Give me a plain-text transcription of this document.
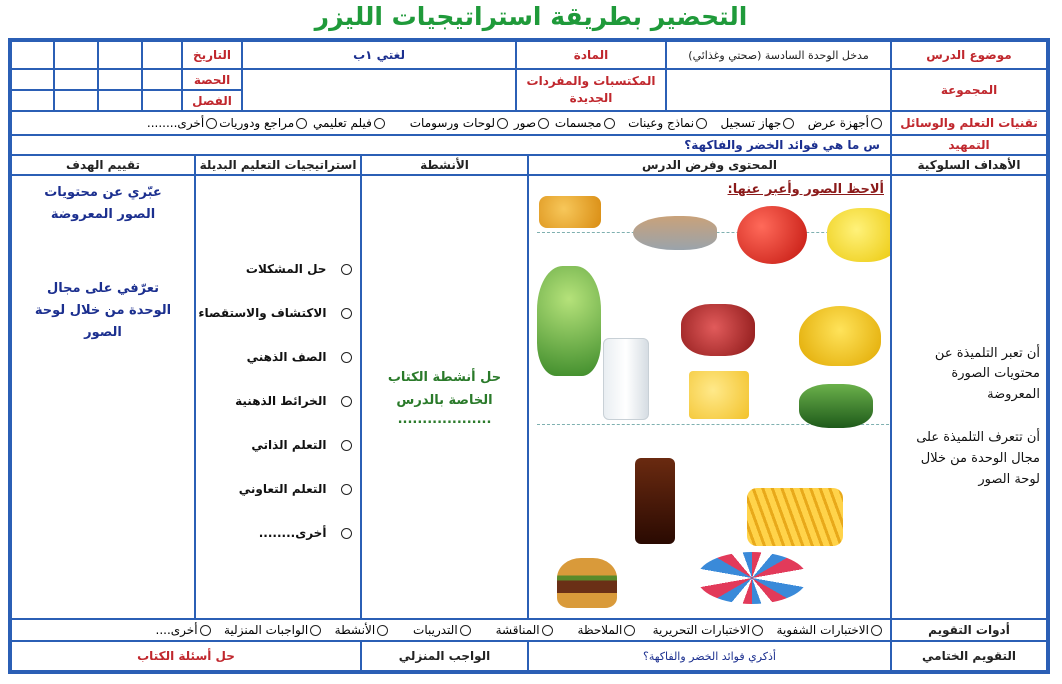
التحضير بطريقة استراتيجيات الليزر
موضوع الدرس
مدخل الوحدة السادسة (صحتي وغذائي)
المادة
لغتي ١ب
التاريخ
المجموعة
المكتسبات والمفردات الجديدة
الحصة
الفصل
تقنيات التعلم والوسائل
أجهزة عرض

جهاز تسجيل

نماذج وعينات

مجسمات

صور

لوحات ورسومات

فيلم تعليمي

مراجع ودوريات
أخرى........
التمهيد
س ما هي فوائد الخضر والفاكهة؟
الأهداف السلوكية
المحتوى وفرض الدرس
الأنشطة
استراتيجيات التعليم البديلة
تقييم الهدف
أن تعبر التلميذة عن محتويات الصورة المعروضة
أن تتعرف التلميذة على مجال الوحدة من خلال لوحة الصور
ألاحظ الصور وأعبر عنها:
حل أنشطة الكتاب الخاصة بالدرس
...................

حل المشكلات

الاكتشاف والاستقصاء

الصف الذهني

الخرائط الذهنية

التعلم الذاتي

التعلم التعاوني

أخرى........
عبّري عن محتويات الصور المعروضة
تعرّفي على مجال الوحدة من خلال لوحة الصور
أدوات التقويم
الاختبارات الشفوية

الاختبارات التحريرية

الملاحظة

المناقشة

التدريبات

الأنشطة

الواجبات المنزلية

أخرى....
التقويم الختامي
أذكري فوائد الخضر والفاكهة؟
الواجب المنزلي
حل أسئلة الكتاب
